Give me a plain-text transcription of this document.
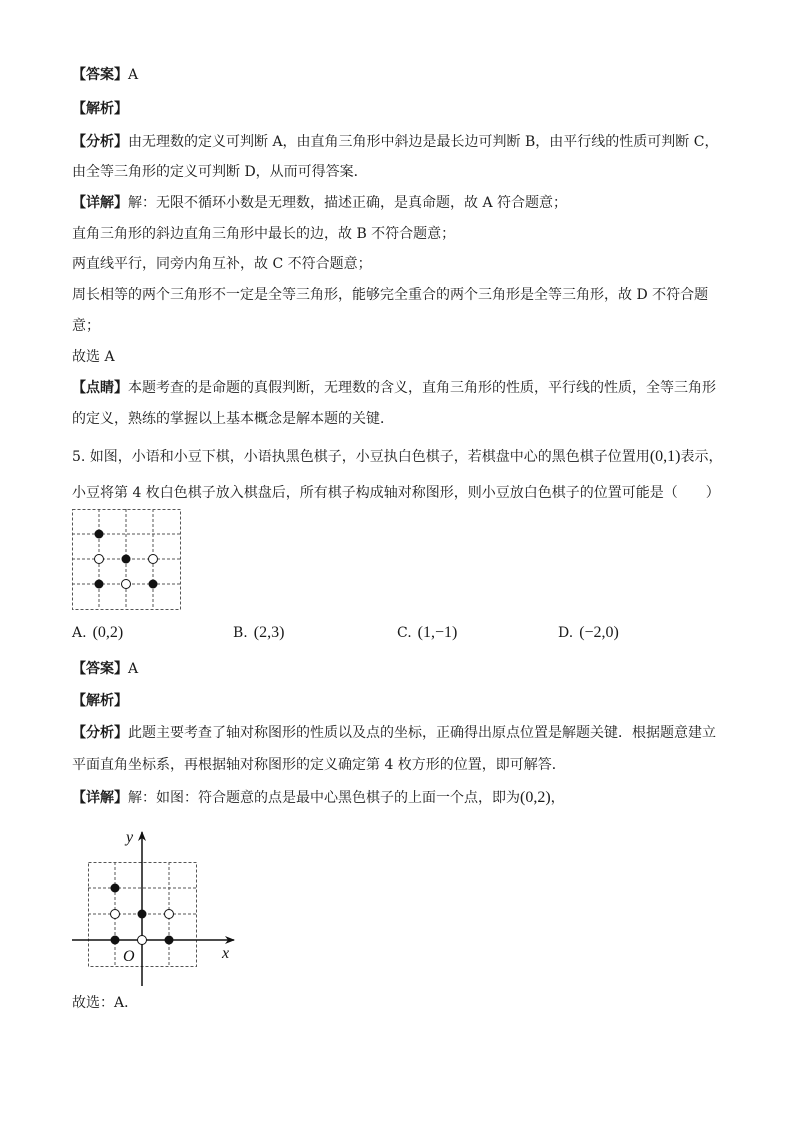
【答案】A
【解析】
【分析】由无理数的定义可判断 A，由直角三角形中斜边是最长边可判断 B，由平行线的性质可判断 C，
由全等三角形的定义可判断 D，从而可得答案．
【详解】解：无限不循环小数是无理数，描述正确，是真命题，故 A 符合题意；
直角三角形的斜边直角三角形中最长的边，故 B 不符合题意；
两直线平行，同旁内角互补，故 C 不符合题意；
周长相等的两个三角形不一定是全等三角形，能够完全重合的两个三角形是全等三角形，故 D 不符合题
意；
故选 A
【点睛】本题考查的是命题的真假判断，无理数的含义，直角三角形的性质，平行线的性质，全等三角形
的定义，熟练的掌握以上基本概念是解本题的关键．
5. 如图，小语和小豆下棋，小语执黑色棋子，小豆执白色棋子，若棋盘中心的黑色棋子位置用(0,1)表示，
小豆将第 4 枚白色棋子放入棋盘后，所有棋子构成轴对称图形，则小豆放白色棋子的位置可能是（　　）
A. (0,2)	B. (2,3)	C. (1,−1)	D. (−2,0)
【答案】A
【解析】
【分析】此题主要考查了轴对称图形的性质以及点的坐标，正确得出原点位置是解题关键．根据题意建立
平面直角坐标系，再根据轴对称图形的定义确定第 4 枚方形的位置，即可解答．
【详解】解：如图：符合题意的点是最中心黑色棋子的上面一个点，即为(0,2)，
y
x
O
故选：A．
